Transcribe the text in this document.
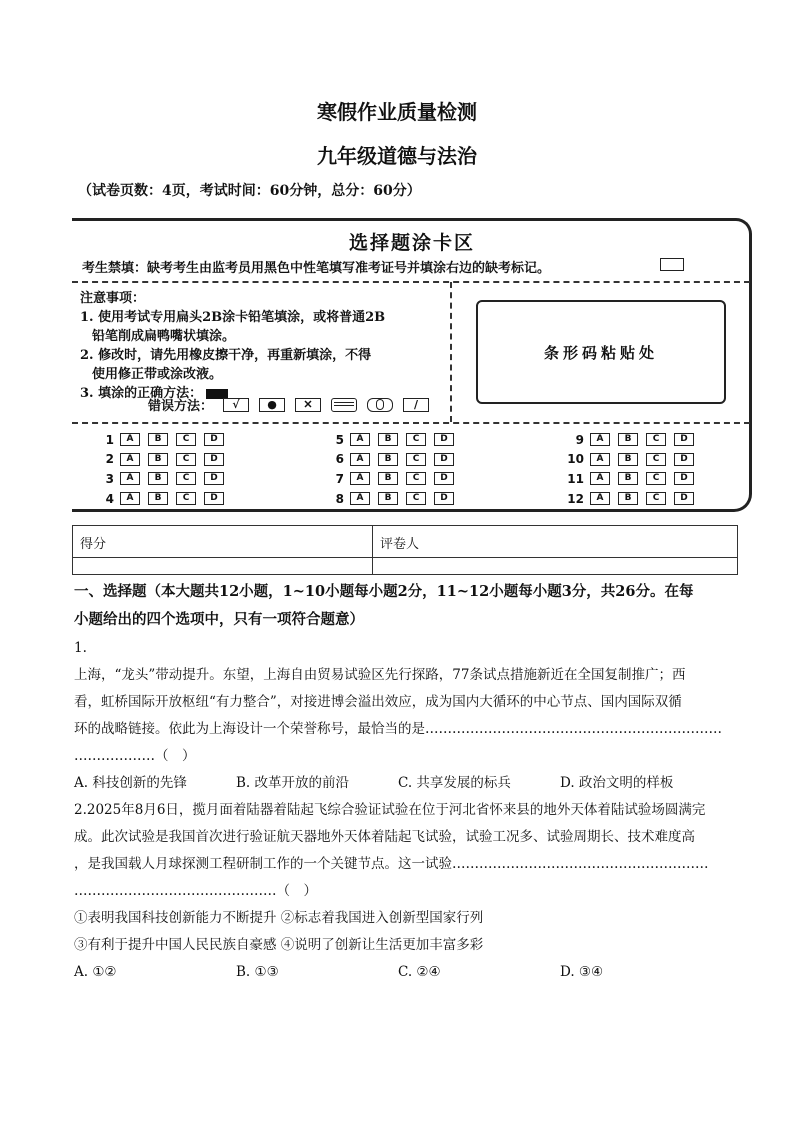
寒假作业质量检测
九年级道德与法治
（试卷页数：4页，考试时间：60分钟，总分：60分）
选择题涂卡区
考生禁填：缺考考生由监考员用黑色中性笔填写准考证号并填涂右边的缺考标记。
注意事项：
1. 使用考试专用扁头2B涂卡铅笔填涂，或将普通2B
铅笔削成扁鸭嘴状填涂。
2. 修改时，请先用橡皮擦干净，再重新填涂，不得
使用修正带或涂改液。
3. 填涂的正确方法：
错误方法：	√	●	✕	/
条形码粘贴处
1	A	B	C	D
2	A	B	C	D
3	A	B	C	D
4	A	B	C	D
5	A	B	C	D
6	A	B	C	D
7	A	B	C	D
8	A	B	C	D
9	A	B	C	D
10	A	B	C	D
11	A	B	C	D
12	A	B	C	D
得分	评卷人
一、选择题（本大题共12小题，1~10小题每小题2分，11~12小题每小题3分，共26分。在每
小题给出的四个选项中，只有一项符合题意）
1.
上海，“龙头”带动提升。东望，上海自由贸易试验区先行探路，77条试点措施新近在全国复制推广；西
看，虹桥国际开放枢纽“有力整合”，对接进博会溢出效应，成为国内大循环的中心节点、国内国际双循
环的战略链接。依此为上海设计一个荣誉称号，最恰当的是…………………………………………………………
………………（　）
A. 科技创新的先锋	B. 改革开放的前沿	C. 共享发展的标兵	D. 政治文明的样板
2.2025年8月6日，揽月面着陆器着陆起飞综合验证试验在位于河北省怀来县的地外天体着陆试验场圆满完
成。此次试验是我国首次进行验证航天器地外天体着陆起飞试验，试验工况多、试验周期长、技术难度高
，是我国载人月球探测工程研制工作的一个关键节点。这一试验…………………………………………………
………………………………………（　）
①表明我国科技创新能力不断提升 ②标志着我国进入创新型国家行列
③有利于提升中国人民民族自豪感 ④说明了创新让生活更加丰富多彩
A. ①②	B. ①③	C. ②④	D. ③④
